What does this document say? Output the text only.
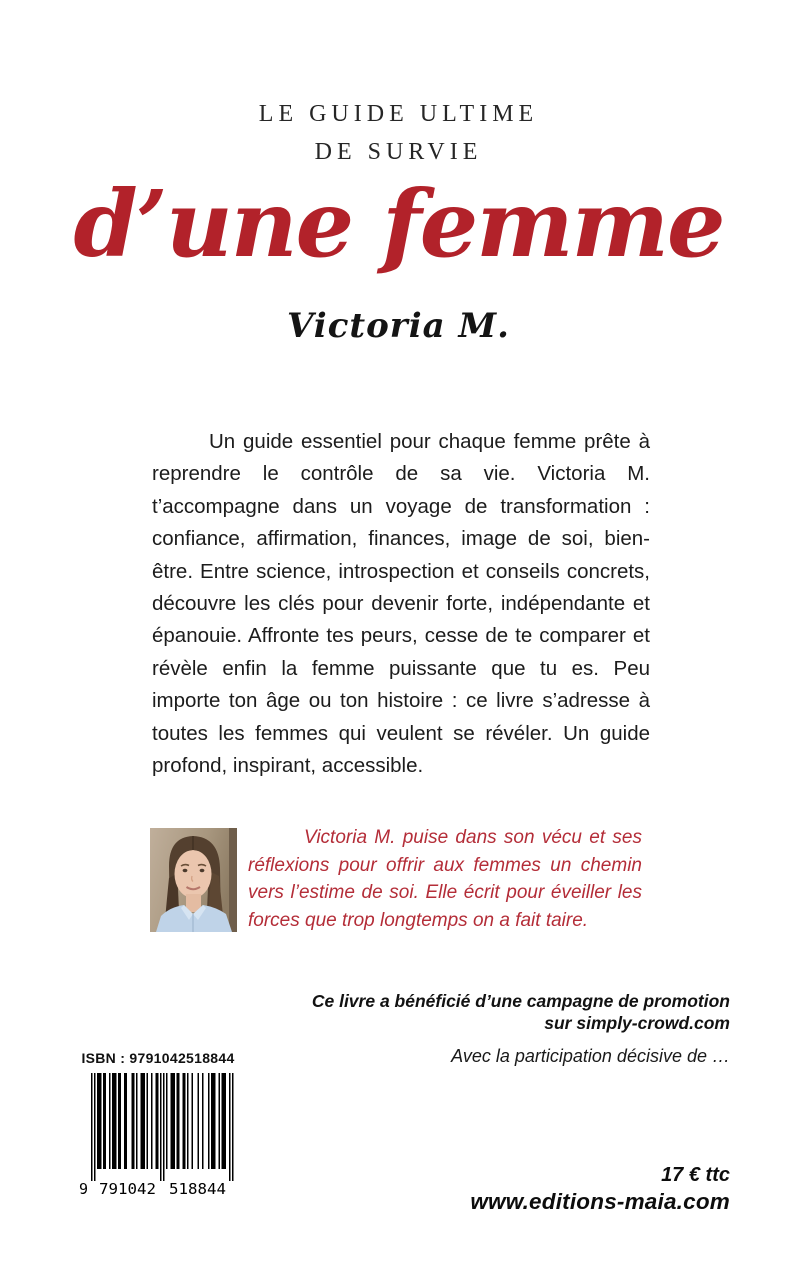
LE GUIDE ULTIME
DE SURVIE
d’une femme
Victoria M.

Un guide essentiel pour chaque femme prête à reprendre le contrôle de sa vie. Victoria M. t’accompagne dans un voyage de transformation : confiance, affirmation, finances, image de soi, bien-être. Entre science, introspection et conseils concrets, découvre les clés pour devenir forte, indépendante et épanouie. Affronte tes peurs, cesse de te comparer et révèle enfin la femme puissante que tu es. Peu importe ton âge ou ton histoire : ce livre s’adresse à toutes les femmes qui veulent se révéler. Un guide profond, inspirant, accessible.

Victoria M. puise dans son vécu et ses réflexions pour offrir aux femmes un chemin vers l’estime de soi. Elle écrit pour éveiller les forces que trop longtemps on a fait taire.

Ce livre a bénéficié d’une campagne de promotion
sur simply-crowd.com
Avec la participation décisive de …
ISBN : 9791042518844
9 791042 518844
17 € ttc
www.editions-maia.com
